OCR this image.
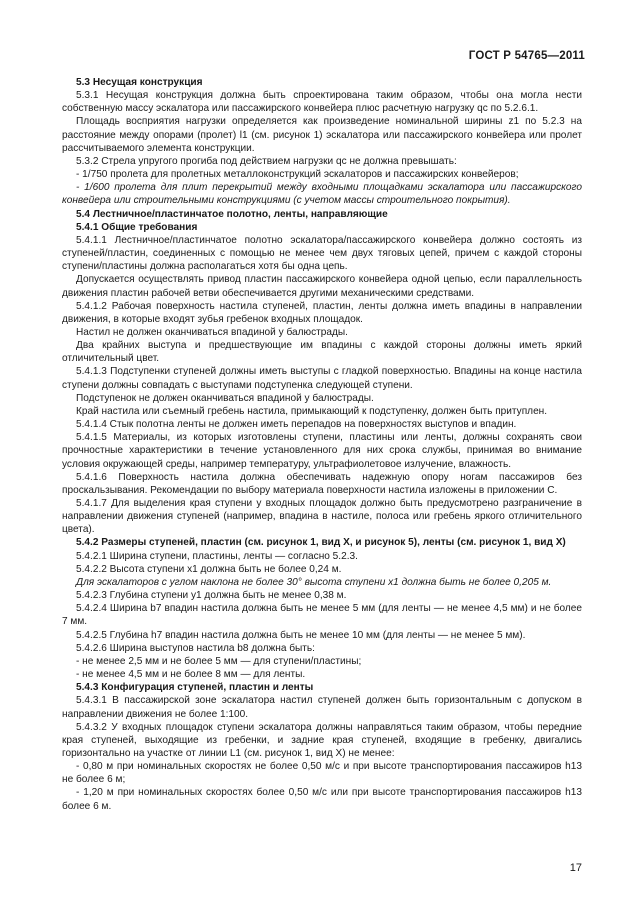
ГОСТ Р 54765—2011

5.3 Несущая конструкция

5.3.1 Несущая конструкция должна быть спроектирована таким образом, чтобы она могла нести собственную массу эскалатора или пассажирского конвейера плюс расчетную нагрузку qc по 5.2.6.1.

Площадь восприятия нагрузки определяется как произведение номинальной ширины z1 по 5.2.3 на расстояние между опорами (пролет) l1 (см. рисунок 1) эскалатора или пассажирского конвейера или пролет рассчитываемого элемента конструкции.

5.3.2 Стрела упругого прогиба под действием нагрузки qc не должна превышать:

- 1/750 пролета для пролетных металлоконструкций эскалаторов и пассажирских конвейеров;

- 1/600 пролета для плит перекрытий между входными площадками эскалатора или пассажирского конвейера или строительными конструкциями (с учетом массы строительного покрытия).

5.4 Лестничное/пластинчатое полотно, ленты, направляющие

5.4.1 Общие требования

5.4.1.1 Лестничное/пластинчатое полотно эскалатора/пассажирского конвейера должно состоять из ступеней/пластин, соединенных с помощью не менее чем двух тяговых цепей, причем с каждой стороны ступени/пластины должна располагаться хотя бы одна цепь.

Допускается осуществлять привод пластин пассажирского конвейера одной цепью, если параллельность движения пластин рабочей ветви обеспечивается другими механическими средствами.

5.4.1.2 Рабочая поверхность настила ступеней, пластин, ленты должна иметь впадины в направлении движения, в которые входят зубья гребенок входных площадок.

Настил не должен оканчиваться впадиной у балюстрады.

Два крайних выступа и предшествующие им впадины с каждой стороны должны иметь яркий отличительный цвет.

5.4.1.3 Подступенки ступеней должны иметь выступы с гладкой поверхностью. Впадины на конце настила ступени должны совпадать с выступами подступенка следующей ступени.

Подступенок не должен оканчиваться впадиной у балюстрады.

Край настила или съемный гребень настила, примыкающий к подступенку, должен быть притуплен.

5.4.1.4 Стык полотна ленты не должен иметь перепадов на поверхностях выступов и впадин.

5.4.1.5 Материалы, из которых изготовлены ступени, пластины или ленты, должны сохранять свои прочностные характеристики в течение установленного для них срока службы, принимая во внимание условия окружающей среды, например температуру, ультрафиолетовое излучение, влажность.

5.4.1.6 Поверхность настила должна обеспечивать надежную опору ногам пассажиров без проскальзывания. Рекомендации по выбору материала поверхности настила изложены в приложении С.

5.4.1.7 Для выделения края ступени у входных площадок должно быть предусмотрено разграничение в направлении движения ступеней (например, впадина в настиле, полоса или гребень яркого отличительного цвета).

5.4.2 Размеры ступеней, пластин (см. рисунок 1, вид Х, и рисунок 5), ленты (см. рисунок 1, вид Х)

5.4.2.1 Ширина ступени, пластины, ленты — согласно 5.2.3.

5.4.2.2 Высота ступени x1 должна быть не более 0,24 м.

Для эскалаторов с углом наклона не более 30° высота ступени x1 должна быть не более 0,205 м.

5.4.2.3 Глубина ступени y1 должна быть не менее 0,38 м.

5.4.2.4 Ширина b7 впадин настила должна быть не менее 5 мм (для ленты — не менее 4,5 мм) и не более 7 мм.

5.4.2.5 Глубина h7 впадин настила должна быть не менее 10 мм (для ленты — не менее 5 мм).

5.4.2.6 Ширина выступов настила b8 должна быть:

- не менее 2,5 мм и не более 5 мм — для ступени/пластины;

- не менее 4,5 мм и не более 8 мм — для ленты.

5.4.3 Конфигурация ступеней, пластин и ленты

5.4.3.1 В пассажирской зоне эскалатора настил ступеней должен быть горизонтальным с допуском в направлении движения не более 1:100.

5.4.3.2 У входных площадок ступени эскалатора должны направляться таким образом, чтобы передние края ступеней, выходящие из гребенки, и задние края ступеней, входящие в гребенку, двигались горизонтально на участке от линии L1 (см. рисунок 1, вид Х) не менее:

- 0,80 м при номинальных скоростях не более 0,50 м/с и при высоте транспортирования пассажиров h13 не более 6 м;

- 1,20 м при номинальных скоростях более 0,50 м/с или при высоте транспортирования пассажиров h13 более 6 м.

17
